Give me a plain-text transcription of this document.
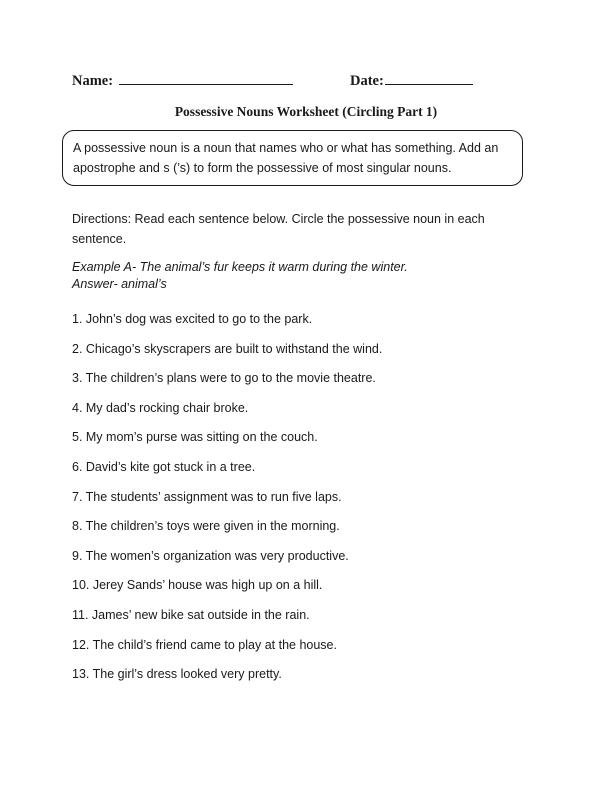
Name:	Date:
Possessive Nouns Worksheet (Circling Part 1)
A possessive noun is a noun that names who or what has something. Add an
apostrophe and s (’s) to form the possessive of most singular nouns.
Directions: Read each sentence below. Circle the possessive noun in each
sentence.
Example A- The animal’s fur keeps it warm during the winter.
Answer- animal’s
1. John’s dog was excited to go to the park.
2. Chicago’s skyscrapers are built to withstand the wind.
3. The children’s plans were to go to the movie theatre.
4. My dad’s rocking chair broke.
5. My mom’s purse was sitting on the couch.
6. David’s kite got stuck in a tree.
7. The students’ assignment was to run five laps.
8. The children’s toys were given in the morning.
9. The women’s organization was very productive.
10. Jerey Sands’ house was high up on a hill.
11. James’ new bike sat outside in the rain.
12. The child’s friend came to play at the house.
13. The girl’s dress looked very pretty.
